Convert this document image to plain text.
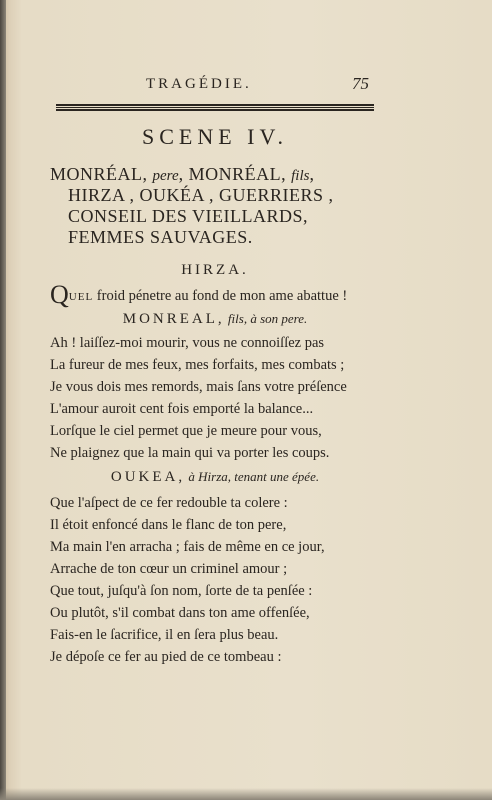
TRAGÉDIE.	75
SCENE IV.
MONRÉAL, pere, MONRÉAL, fils,
HIRZA , OUKÉA , GUERRIERS ,
CONSEIL DES VIEILLARDS,
FEMMES SAUVAGES.
HIRZA.
QUEL froid pénetre au fond de mon ame abattue !
MONREAL, fils, à son pere.
Ah ! laiſſez-moi mourir, vous ne connoiſſez pas
La fureur de mes feux, mes forfaits, mes combats ;
Je vous dois mes remords, mais ſans votre préſence
L'amour auroit cent fois emporté la balance...
Lorſque le ciel permet que je meure pour vous,
Ne plaignez que la main qui va porter les coups.
OUKEA, à Hirza, tenant une épée.
Que l'aſpect de ce fer redouble ta colere :
Il étoit enfoncé dans le flanc de ton pere,
Ma main l'en arracha ; fais de même en ce jour,
Arrache de ton cœur un criminel amour ;
Que tout, juſqu'à ſon nom, ſorte de ta penſée :
Ou plutôt, s'il combat dans ton ame offenſée,
Fais-en le ſacrifice, il en ſera plus beau.
Je dépoſe ce fer au pied de ce tombeau :
